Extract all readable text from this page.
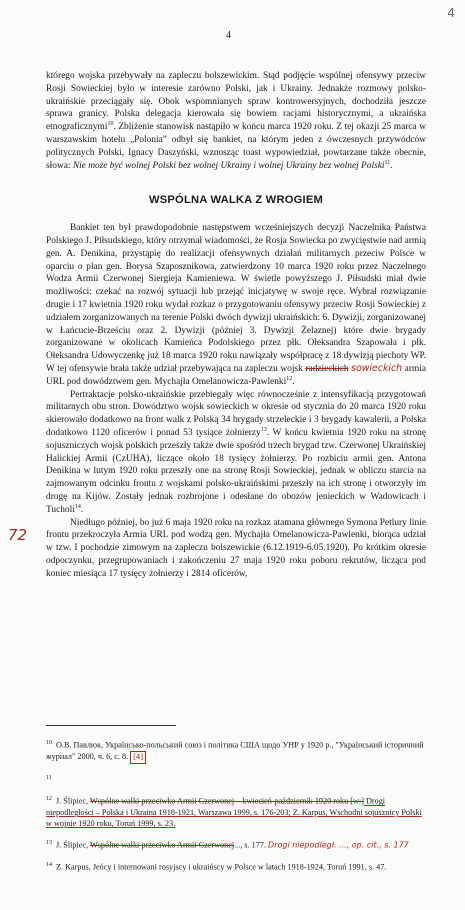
4
4
72

którego wojska przebywały na zapleczu bolszewickim. Stąd podjęcie wspólnej ofensywy przeciw Rosji Sowieckiej było w interesie zarówno Polski, jak i Ukrainy. Jednakże rozmowy polsko-ukraińskie przeciągały się. Obok wspomnianych spraw kontrowersyjnych, dochodziła jeszcze sprawa granicy. Polska delegacja kierowała się bowiem racjami historycznymi, a ukraińska etnograficznymi$^{10}$. Zbliżenie stanowisk nastąpiło w końcu marca 1920 roku. Z tej okazji 25 marca w warszawskim hotelu „Polonia” odbył się bankiet, na którym jeden z ówczesnych przywódców politycznych Polski, Ignacy Daszyński, wznosząc toast wypowiedział, powtarzane także obecnie, słowa: Nie może być wolnej Polski bez wolnej Ukrainy i wolnej Ukrainy bez wolnej Polski$^{11}$.

WSPÓLNA WALKA Z WROGIEM

Bankiet ten był prawdopodobnie następstwem wcześniejszych decyzji Naczelnika Państwa Polskiego J. Piłsudskiego, który otrzymał wiadomości, że Rosja Sowiecka po zwycięstwie nad armią gen. A. Denikina, przystąpię do realizacji ofensywnych działań militarnych przeciw Polsce w oparciu o plan gen. Borysa Szaposznikowa, zatwierdzony 10 marca 1920 roku przez Naczelnego Wodza Armii Czerwonej Siergieja Kamieniewa. W świetle powyższego J. Piłsudski miał dwie możliwości: czekać na rozwój sytuacji lub przejąć inicjatywę w swoje ręce. Wybrał rozwiązanie drugie i 17 kwietnia 1920 roku wydał rozkaz o przygotowaniu ofensywy przeciw Rosji Sowieckiej z udziałem zorganizowanych na terenie Polski dwóch dywizji ukraińskich: 6. Dywizji, zorganizowanej w Łańcucie-Brześciu oraz 2. Dywizji (później 3. Dywizji Żelaznej) które dwie brygady zorganizowane w okolicach Kamieńca Podolskiego przez płk. Ołeksandra Szapowała i płk. Ołeksandra Udowyczenkę już 18 marca 1920 roku nawiązały współpracę z 18 dywizją piechoty WP. W tej ofensywie brała także udział przebywająca na zapleczu wojsk radzieckich sowieckich armia URL pod dowództwem gen. Mychajła Omelanowicza-Pawlenki$^{12}$.

Pertraktacje polsko-ukraińskie przebiegały więc równocześnie z intensyfikacją przygotowań militarnych obu stron. Dowództwo wojsk sowieckich w okresie od stycznia do 20 marca 1920 roku skierowało dodatkowo na front walk z Polską 34 brygady strzeleckie i 3 brygady kawalerii, a Polska dodatkowo 1120 oficerów i ponad 53 tysiące żołnierzy$^{13}$. W końcu kwietnia 1920 roku na stronę sojuszniczych wojsk polskich przeszły także dwie spośród trzech brygad tzw. Czerwonej Ukraińskiej Halickiej Armii (CzUHA), liczące około 18 tysięcy żołnierzy. Po rozbiciu armii gen. Antona Denikina w lutym 1920 roku przeszły one na stronę Rosji Sowieckiej, jednak w obliczu starcia na zajmowanym odcinku frontu z wojskami polsko-ukraińskimi przeszły na ich stronę i otworzyły im drogę na Kijów. Zostały jednak rozbrojone i odesłane do obozów jenieckich w Wadowicach i Tucholi$^{14}$.

Niedługo później, bo już 6 maja 1920 roku na rozkaz atamana głównego Symona Petlury linie frontu przekroczyła Armia URL pod wodzą gen. Mychajła Omelanowicza-Pawlenki, biorąca udział w tzw. I pochodzie zimowym na zapleczu bolszewickie (6.12.1919-6.05.1920). Po krótkim okresie odpoczynku, przegrupowaniach i zakończeniu 27 maja 1920 roku poboru rekrutów, licząca pod koniec miesiąca 17 tysięcy żołnierzy i 2814 oficerów,

$^{10}$ О.В. Павлюк, Українсько-польський союз і політика США щодо УНР у 1920 р., "Український історичний журнал" 2000, ч. 6, с. 8. [4]
$^{11}$
$^{12}$ J. Ślipiec, Wspólne walki przeciwko Armii Czerwonej – kwiecień-październik 1920 roku [w:] Drogi niepodległości – Polska i Ukraina 1918-1921, Warszawa 1999, s. 176-203; Z. Karpus, Wschodni sojusznicy Polski w wojnie 1920 roku, Toruń 1999, s. 23.
$^{13}$ J. Ślipiec, Wspólne walki przeciwko Armii Czerwonej..., s. 177. Drogi niepodległ. ..., op. cit., s. 177
$^{14}$ Z. Karpus, Jeńcy i internowani rosyjscy i ukraińscy w Polsce w latach 1918-1924, Toruń 1991, s. 47.
